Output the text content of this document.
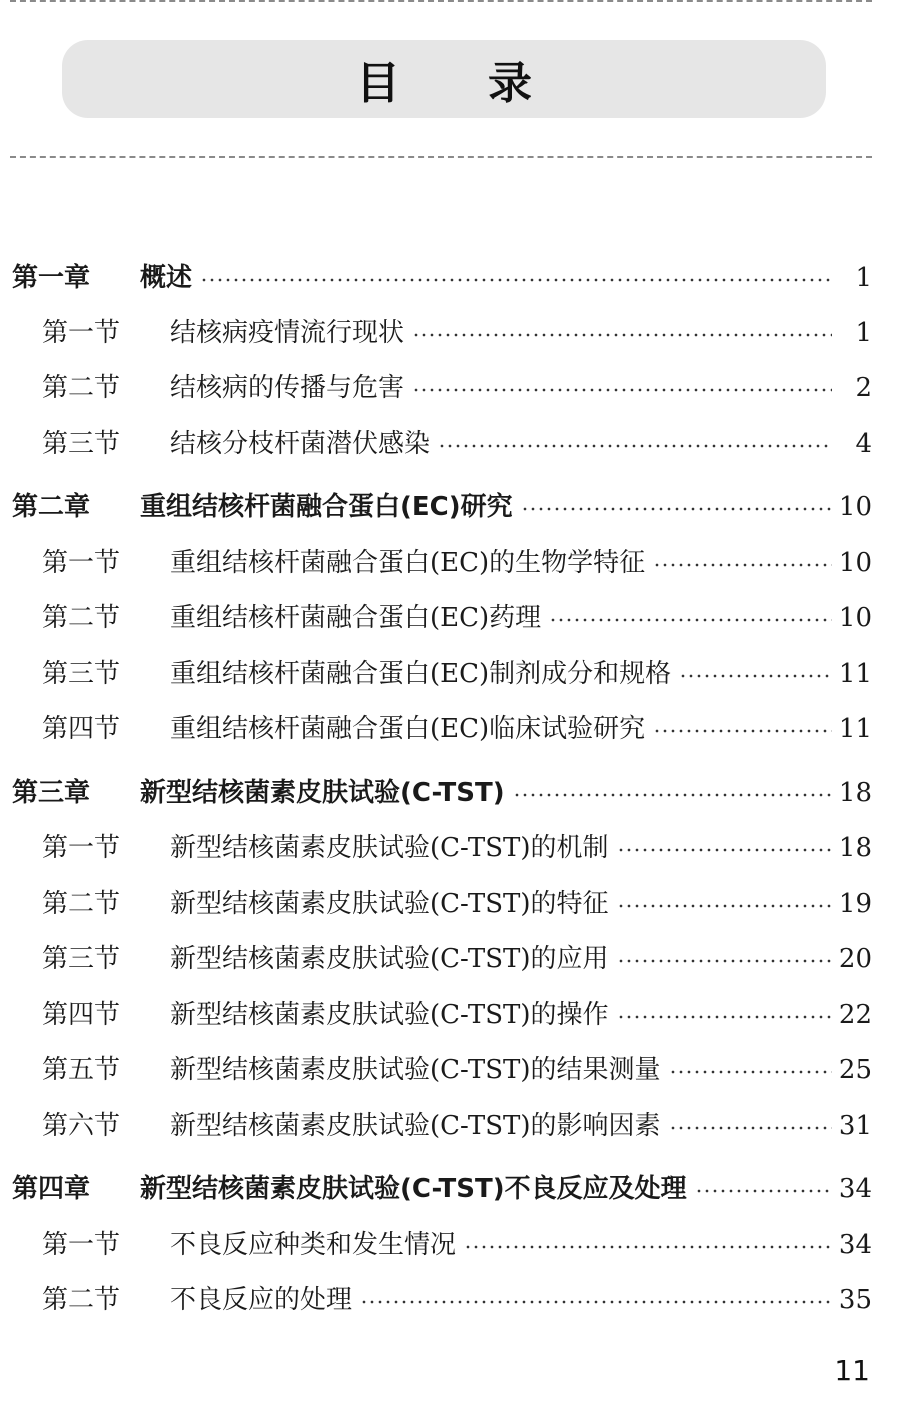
目录
第一章	概述	1
第一节	结核病疫情流行现状	1
第二节	结核病的传播与危害	2
第三节	结核分枝杆菌潜伏感染	4
第二章	重组结核杆菌融合蛋白(EC)研究	10
第一节	重组结核杆菌融合蛋白(EC)的生物学特征	10
第二节	重组结核杆菌融合蛋白(EC)药理	10
第三节	重组结核杆菌融合蛋白(EC)制剂成分和规格	11
第四节	重组结核杆菌融合蛋白(EC)临床试验研究	11
第三章	新型结核菌素皮肤试验(C-TST)	18
第一节	新型结核菌素皮肤试验(C-TST)的机制	18
第二节	新型结核菌素皮肤试验(C-TST)的特征	19
第三节	新型结核菌素皮肤试验(C-TST)的应用	20
第四节	新型结核菌素皮肤试验(C-TST)的操作	22
第五节	新型结核菌素皮肤试验(C-TST)的结果测量	25
第六节	新型结核菌素皮肤试验(C-TST)的影响因素	31
第四章	新型结核菌素皮肤试验(C-TST)不良反应及处理	34
第一节	不良反应种类和发生情况	34
第二节	不良反应的处理	35
11
